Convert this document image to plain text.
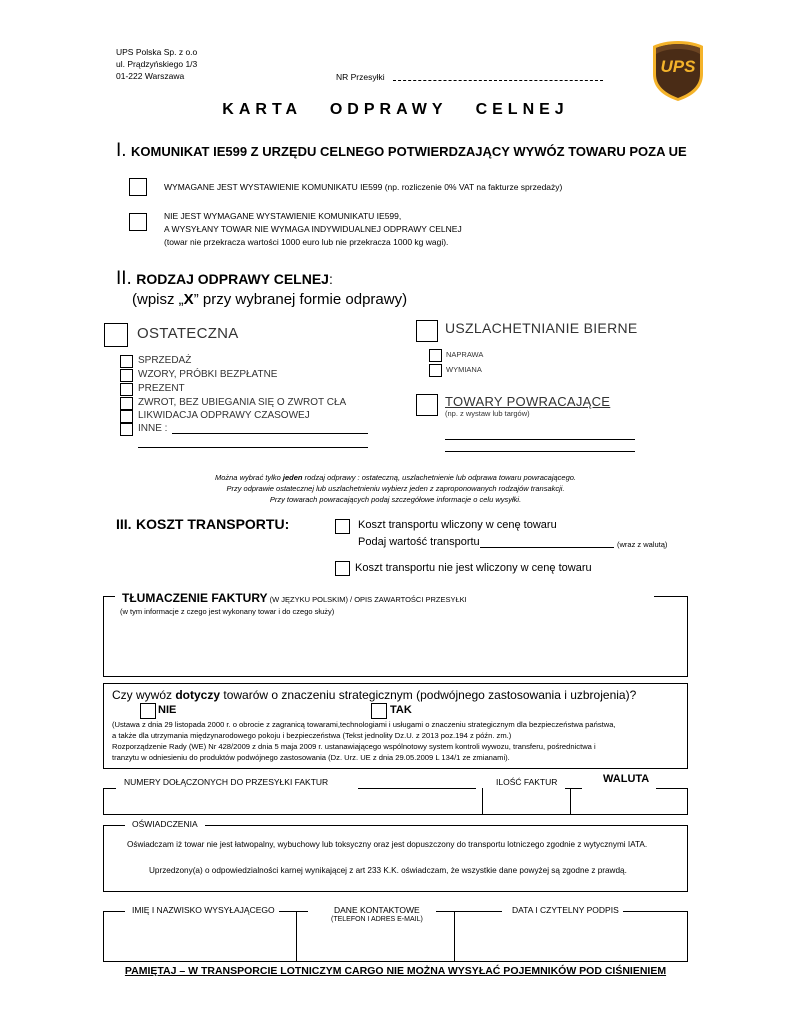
UPS Polska Sp. z o.o
ul. Prądzyńskiego 1/3
01-222 Warszawa	NR Przesyłki
UPS
KARTA   ODPRAWY   CELNEJ
I. KOMUNIKAT IE599 Z URZĘDU CELNEGO POTWIERDZAJĄCY WYWÓZ TOWARU POZA UE
WYMAGANE JEST WYSTAWIENIE KOMUNIKATU IE599 (np. rozliczenie 0% VAT na fakturze sprzedaży)
NIE JEST WYMAGANE WYSTAWIENIE KOMUNIKATU IE599,
A WYSYŁANY TOWAR NIE WYMAGA INDYWIDUALNEJ ODPRAWY CELNEJ
(towar nie przekracza wartości 1000 euro lub nie przekracza 1000 kg wagi).
II. RODZAJ ODPRAWY CELNEJ:
(wpisz „X” przy wybranej formie odprawy)
OSTATECZNA
SPRZEDAŻ
WZORY, PRÓBKI BEZPŁATNE
PREZENT
ZWROT, BEZ UBIEGANIA SIĘ O ZWROT CŁA
LIKWIDACJA ODPRAWY CZASOWEJ
INNE :
USZLACHETNIANIE BIERNE
NAPRAWA
WYMIANA
TOWARY POWRACAJĄCE
(np. z wystaw lub targów)
Można wybrać tylko jeden rodzaj odprawy : ostateczną, uszlachetnienie lub odprawa towaru powracającego.
Przy odprawie ostatecznej lub uszlachetnieniu wybierz jeden z zaproponowanych rodzajów transakcji.
Przy towarach powracających podaj szczegółowe informacje o celu wysyłki.
III. KOSZT TRANSPORTU:	Koszt transportu wliczony w cenę towaru
Podaj wartość transportu	(wraz z walutą)
Koszt transportu nie jest wliczony w cenę towaru
TŁUMACZENIE FAKTURY (W JĘZYKU POLSKIM) / OPIS ZAWARTOŚCI PRZESYŁKI
(w tym informacje z czego jest wykonany towar i do czego służy)
Czy wywóz dotyczy towarów o znaczeniu strategicznym (podwójnego zastosowania i uzbrojenia)?
NIE	TAK
(Ustawa z dnia 29 listopada 2000 r. o obrocie z zagranicą towarami,technologiami i usługami o znaczeniu strategicznym dla bezpieczeństwa państwa,
a także dla utrzymania międzynarodowego pokoju i bezpieczeństwa (Tekst jednolity Dz.U. z 2013 poz.194 z późn. zm.)
Rozporządzenie Rady (WE) Nr 428/2009 z dnia 5 maja 2009 r. ustanawiającego wspólnotowy system kontroli wywozu, transferu, pośrednictwa i
tranzytu w odniesieniu do produktów podwójnego zastosowania (Dz. Urz. UE z dnia 29.05.2009 L 134/1 ze zmianami).
NUMERY DOŁĄCZONYCH DO PRZESYŁKI FAKTUR	ILOŚĆ FAKTUR	WALUTA
OŚWIADCZENIA
Oświadczam iż towar nie jest łatwopalny, wybuchowy lub toksyczny oraz jest dopuszczony do transportu lotniczego zgodnie z wytycznymi IATA.
Uprzedzony(a) o odpowiedzialności karnej wynikającej z art 233 K.K. oświadczam, że wszystkie dane powyżej są zgodne z prawdą.
IMIĘ I NAZWISKO WYSYŁAJĄCEGO	DANE KONTAKTOWE
(TELEFON I ADRES E-MAIL)
DATA I CZYTELNY PODPIS
PAMIĘTAJ – W TRANSPORCIE LOTNICZYM CARGO NIE MOŻNA WYSYŁAĆ POJEMNIKÓW POD CIŚNIENIEM
